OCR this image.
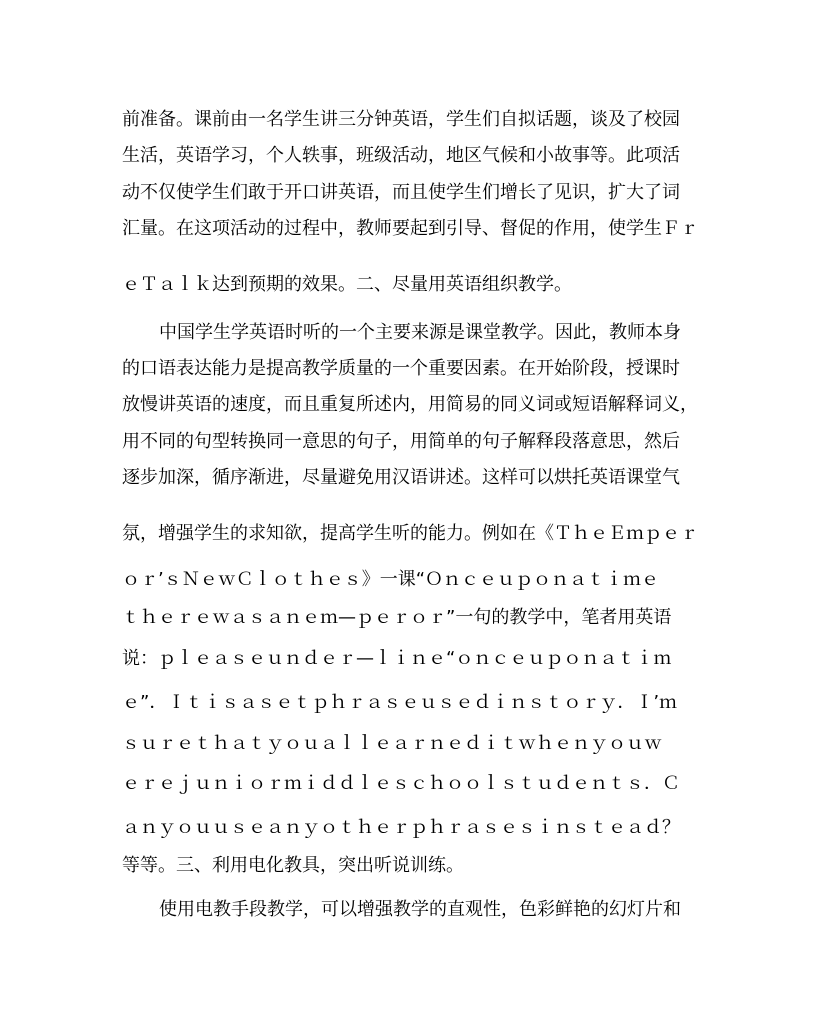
前准备。课前由一名学生讲三分钟英语，学生们自拟话题，谈及了校园
生活，英语学习，个人轶事，班级活动，地区气候和小故事等。此项活
动不仅使学生们敢于开口讲英语，而且使学生们增长了见识，扩大了词
汇量。在这项活动的过程中，教师要起到引导、督促的作用，使学生Ｆｒ
ｅＴａｌｋ达到预期的效果。二、尽量用英语组织教学。
中国学生学英语时听的一个主要来源是课堂教学。因此，教师本身
的口语表达能力是提高教学质量的一个重要因素。在开始阶段，授课时
放慢讲英语的速度，而且重复所述内，用简易的同义词或短语解释词义，
用不同的句型转换同一意思的句子，用简单的句子解释段落意思，然后
逐步加深，循序渐进，尽量避免用汉语讲述。这样可以烘托英语课堂气
氛，增强学生的求知欲，提高学生听的能力。例如在《ＴｈｅＥｍｐｅｒ
ｏｒ’ｓＮｅｗＣｌｏｔｈｅｓ》一课“Ｏｎｃｅｕｐｏｎａｔｉｍｅ
ｔｈｅｒｅｗａｓａｎｅｍ—ｐｅｒｏｒ”一句的教学中，笔者用英语
说：ｐｌｅａｓｅｕｎｄｅｒ—ｌｉｎｅ“ｏｎｃｅｕｐｏｎａｔｉｍ
ｅ”．Ｉｔｉｓａｓｅｔｐｈｒａｓｅｕｓｅｄｉｎｓｔｏｒｙ．Ｉ’ｍ
ｓｕｒｅｔｈａｔｙｏｕａｌｌｅａｒｎｅｄｉｔｗｈｅｎｙｏｕｗ
ｅｒｅｊｕｎｉｏｒｍｉｄｄｌｅｓｃｈｏｏｌｓｔｕｄｅｎｔｓ．Ｃ
ａｎｙｏｕｕｓｅａｎｙｏｔｈｅｒｐｈｒａｓｅｓｉｎｓｔｅａｄ？
等等。三、利用电化教具，突出听说训练。
使用电教手段教学，可以增强教学的直观性，色彩鲜艳的幻灯片和
